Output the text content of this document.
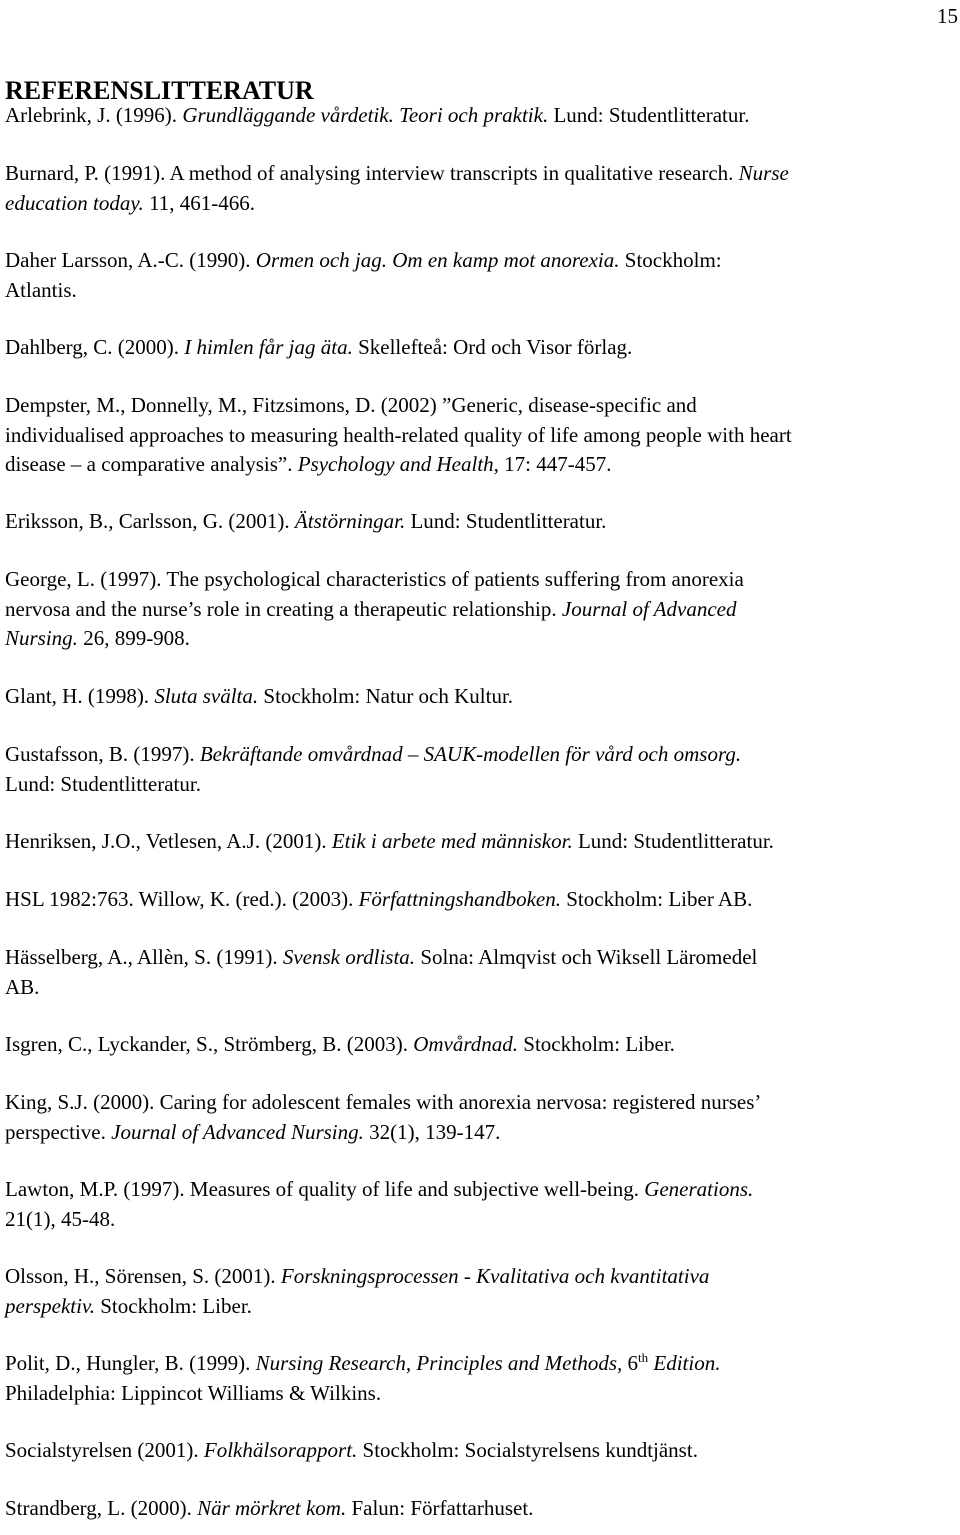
15
REFERENSLITTERATUR
Arlebrink, J. (1996). Grundläggande vårdetik. Teori och praktik. Lund: Studentlitteratur.
Burnard, P. (1991). A method of analysing interview transcripts in qualitative research. Nurse
education today. 11, 461-466.
Daher Larsson, A.-C. (1990). Ormen och jag. Om en kamp mot anorexia. Stockholm:
Atlantis.
Dahlberg, C. (2000). I himlen får jag äta. Skellefteå: Ord och Visor förlag.
Dempster, M., Donnelly, M., Fitzsimons, D. (2002) ”Generic, disease-specific and
individualised approaches to measuring health-related quality of life among people with heart
disease – a comparative analysis”. Psychology and Health, 17: 447-457.
Eriksson, B., Carlsson, G. (2001). Ätstörningar. Lund: Studentlitteratur.
George, L. (1997). The psychological characteristics of patients suffering from anorexia
nervosa and the nurse’s role in creating a therapeutic relationship. Journal of Advanced
Nursing. 26, 899-908.
Glant, H. (1998). Sluta svälta. Stockholm: Natur och Kultur.
Gustafsson, B. (1997). Bekräftande omvårdnad – SAUK-modellen för vård och omsorg.
Lund: Studentlitteratur.
Henriksen, J.O., Vetlesen, A.J. (2001). Etik i arbete med människor. Lund: Studentlitteratur.
HSL 1982:763. Willow, K. (red.). (2003). Författningshandboken. Stockholm: Liber AB.
Hässelberg, A., Allèn, S. (1991). Svensk ordlista. Solna: Almqvist och Wiksell Läromedel
AB.
Isgren, C., Lyckander, S., Strömberg, B. (2003). Omvårdnad. Stockholm: Liber.
King, S.J. (2000). Caring for adolescent females with anorexia nervosa: registered nurses’
perspective. Journal of Advanced Nursing. 32(1), 139-147.
Lawton, M.P. (1997). Measures of quality of life and subjective well-being. Generations.
21(1), 45-48.
Olsson, H., Sörensen, S. (2001). Forskningsprocessen - Kvalitativa och kvantitativa
perspektiv. Stockholm: Liber.
Polit, D., Hungler, B. (1999). Nursing Research, Principles and Methods, 6th Edition.
Philadelphia: Lippincot Williams & Wilkins.
Socialstyrelsen (2001). Folkhälsorapport. Stockholm: Socialstyrelsens kundtjänst.
Strandberg, L. (2000). När mörkret kom. Falun: Författarhuset.
